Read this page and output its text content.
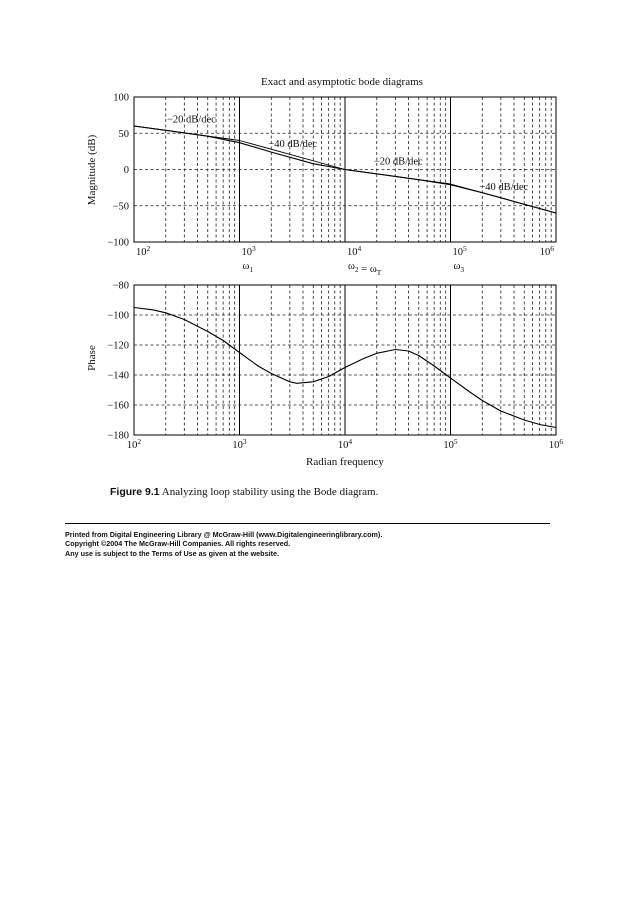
Exact and asymptotic bode diagrams
−100
−50
0
50
100
$10^2$	$10^3$
$\omega_1$
$10^4$
$\omega_2 = \omega_T$
$10^5$
$\omega_3$
$10^6$
−20 dB/dec
−40 dB/dec
−20 dB/dec
−40 dB/dec
Magnitude (dB)
−180
−160
−140
−120
−100
−80
$10^2$	$10^3$	$10^4$	$10^5$	$10^6$
Phase
Radian frequency
Figure 9.1 Analyzing loop stability using the Bode diagram.
Printed from Digital Engineering Library @ McGraw-Hill (www.Digitalengineeringlibrary.com).
Copyright ©2004 The McGraw-Hill Companies. All rights reserved.
Any use is subject to the Terms of Use as given at the website.
